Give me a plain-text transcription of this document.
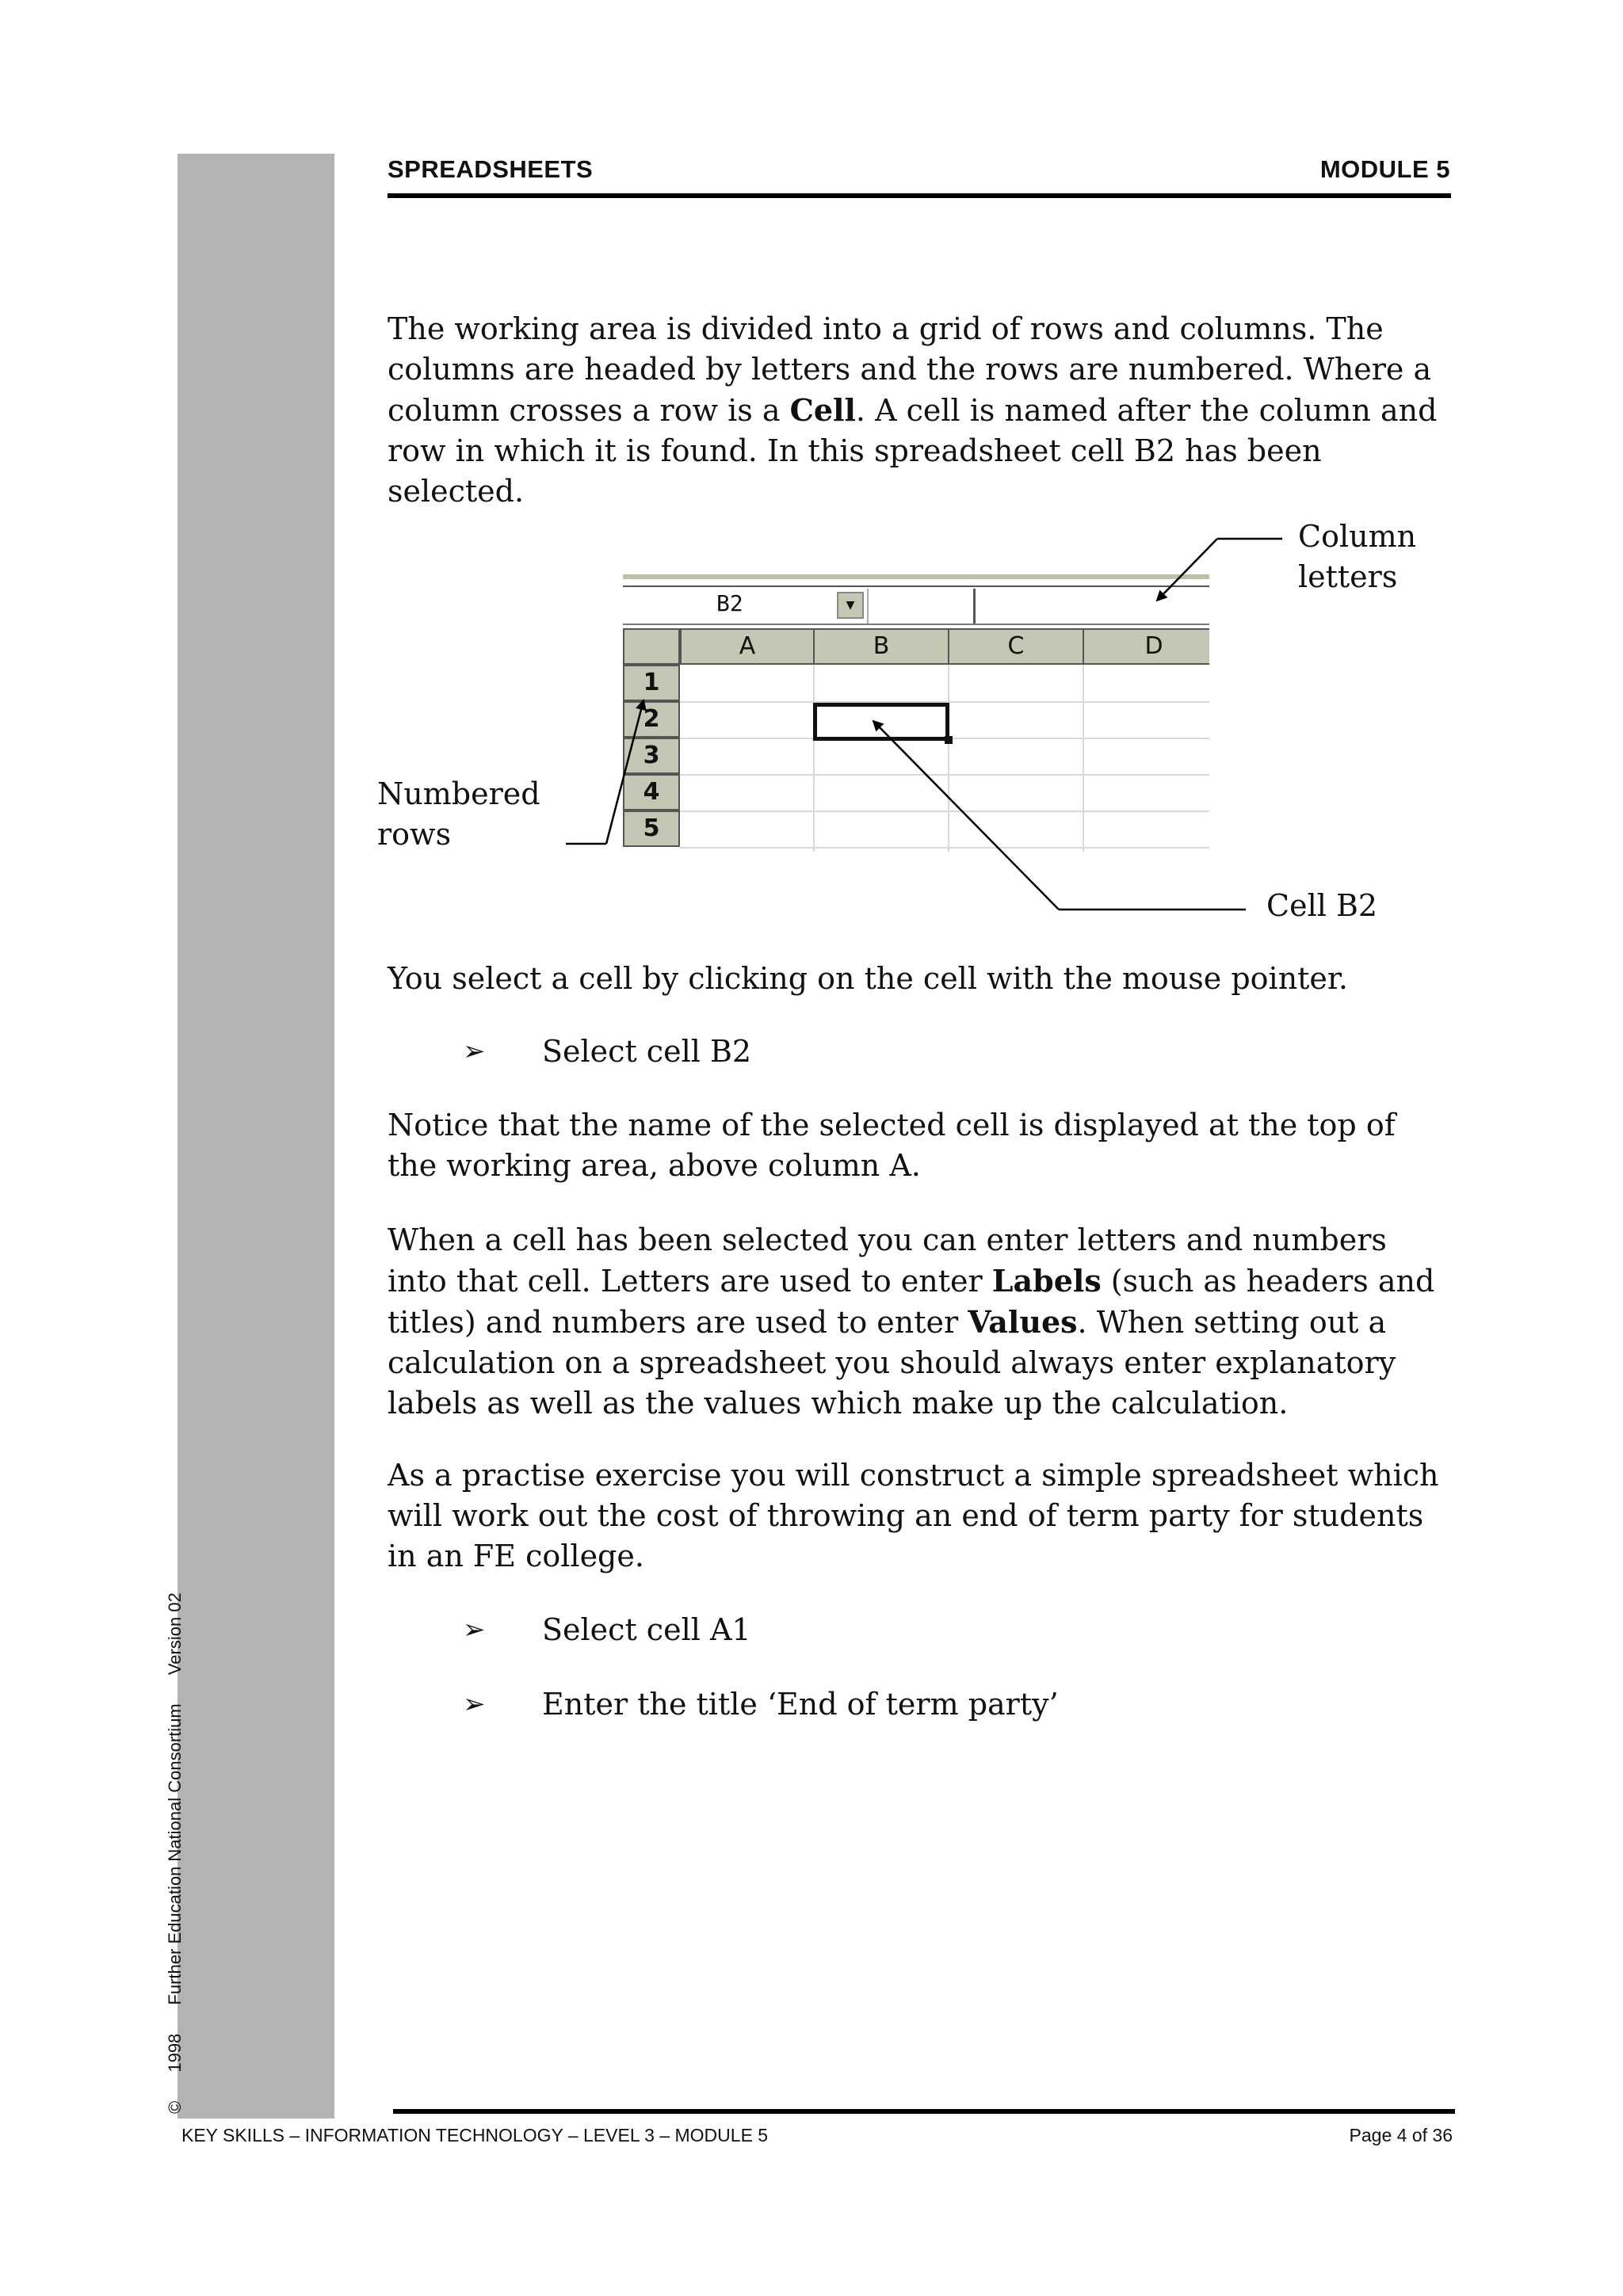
© 1998 Further Education National Consortium Version 02
SPREADSHEETS	MODULE 5

The working area is divided into a grid of rows and columns. The columns are headed by letters and the rows are numbered. Where a column crosses a row is a Cell. A cell is named after the column and row in which it is found. In this spreadsheet cell B2 has been selected.

B2	▼
A	B	C	D
1
2
3
4
5
Column
letters
Numbered
rows
Cell B2

You select a cell by clicking on the cell with the mouse pointer.

➢	Select cell B2

Notice that the name of the selected cell is displayed at the top of the working area, above column A.

When a cell has been selected you can enter letters and numbers into that cell. Letters are used to enter Labels (such as headers and titles) and numbers are used to enter Values. When setting out a calculation on a spreadsheet you should always enter explanatory labels as well as the values which make up the calculation.

As a practise exercise you will construct a simple spreadsheet which will work out the cost of throwing an end of term party for students in an FE college.

➢	Select cell A1
➢	Enter the title ‘End of term party’
KEY SKILLS – INFORMATION TECHNOLOGY – LEVEL 3 – MODULE 5	Page 4 of 36
